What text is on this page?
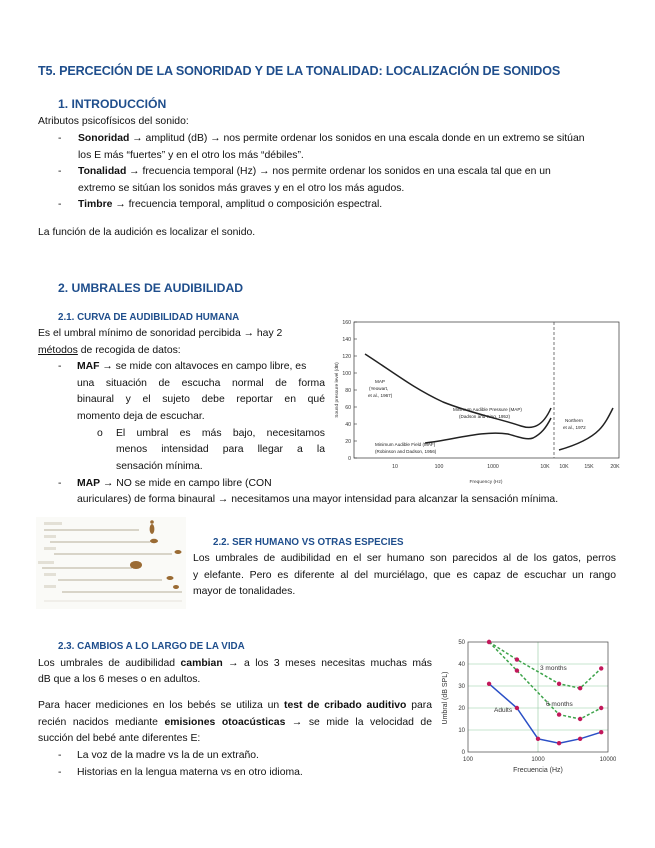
T5. PERCECIÓN DE LA SONORIDAD Y DE LA TONALIDAD: LOCALIZACIÓN DE SONIDOS
1. INTRODUCCIÓN
Atributos psicofísicos del sonido:
- Sonoridad → amplitud (dB) → nos permite ordenar los sonidos en una escala donde en un extremo se sitúan
los E más “fuertes” y en el otro los más “débiles”.
- Tonalidad → frecuencia temporal (Hz) → nos permite ordenar los sonidos en una escala tal que en un
extremo se sitúan los sonidos más graves y en el otro los más agudos.
- Timbre → frecuencia temporal, amplitud o composición espectral.
La función de la audición es localizar el sonido.
2. UMBRALES DE AUDIBILIDAD
2.1. CURVA DE AUDIBILIDAD HUMANA
Es el umbral mínimo de sonoridad percibida → hay 2
métodos de recogida de datos:
- MAF → se mide con altavoces en campo libre, es
una situación de escucha normal de forma
binaural y el sujeto debe reportar en qué
momento deja de escuchar.
o El umbral es más bajo, necesitamos
menos intensidad para llegar a la
sensación mínima.
- MAP → NO se mide en campo libre (CON
auriculares) de forma binaural → necesitamos una mayor intensidad para alcanzar la sensación mínima.
160
140
120
100
80
60
40
20
0
10	100	1000	10K 10K	15K	20K
Sound pressure level (dB)
Frequency (Hz)
MAP
(Yeowart,
et al., 1967)
Minimum Audible Pressure (MAP)
(Dadson and King, 1952)
Minimum Audible Field (MAF)
(Robinson and Dadson, 1956)
Northern
et al., 1972
2.2. SER HUMANO VS OTRAS ESPECIES
Los umbrales de audibilidad en el ser humano son parecidos al de los gatos, perros
y elefante. Pero es diferente al del murciélago, que es capaz de escuchar un rango
mayor de tonalidades.
2.3. CAMBIOS A LO LARGO DE LA VIDA
Los umbrales de audibilidad cambian → a los 3 meses necesitas muchas más
dB que a los 6 meses o en adultos.
Para hacer mediciones en los bebés se utiliza un test de cribado auditivo para
recién nacidos mediante emisiones otoacústicas → se mide la velocidad de
succión del bebé ante diferentes E:
- La voz de la madre vs la de un extraño.
- Historias en la lengua materna vs en otro idioma.
50
40
30
20
10
0
100	1000	10000
Umbral (dB SPL)
Frecuencia (Hz)
3 months
6 months
Adults
